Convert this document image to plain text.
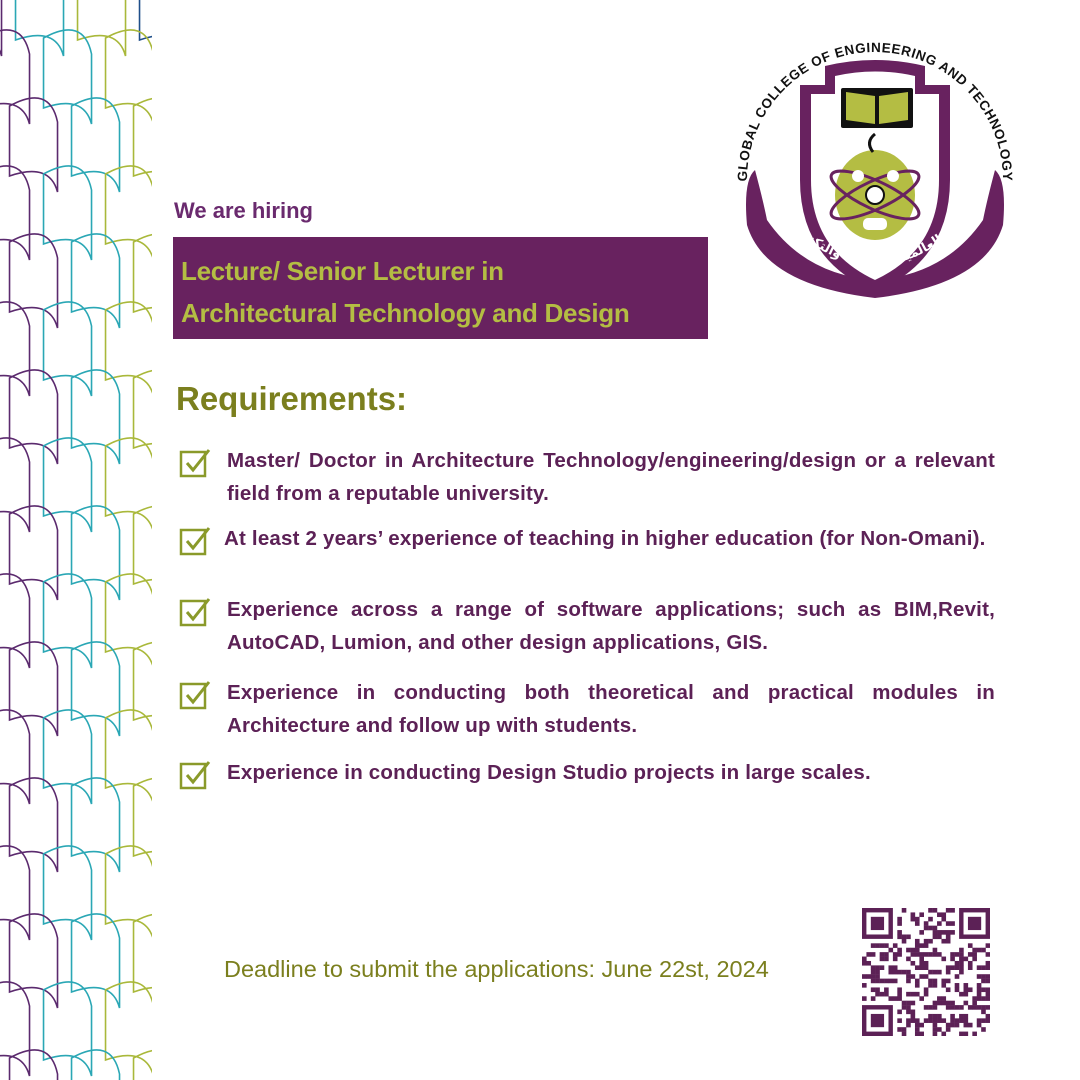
We are hiring
Lecture/ Senior Lecturer in
Architectural Technology and Design
GLOBAL COLLEGE OF ENGINEERING AND TECHNOLOGY
الكلية العالمية للهندسة والتكنولوجيا
Requirements:
Master/ Doctor in Architecture Technology/engineering/design or a relevant field from a reputable university.
At least 2 years’ experience of teaching in higher education (for Non-Omani).
Experience across a range of software applications; such as BIM,Revit, AutoCAD, Lumion, and other design applications, GIS.
Experience in conducting both theoretical and practical modules in Architecture and follow up with students.
Experience in conducting Design Studio projects in large scales.
Deadline to submit the applications: June 22st, 2024
